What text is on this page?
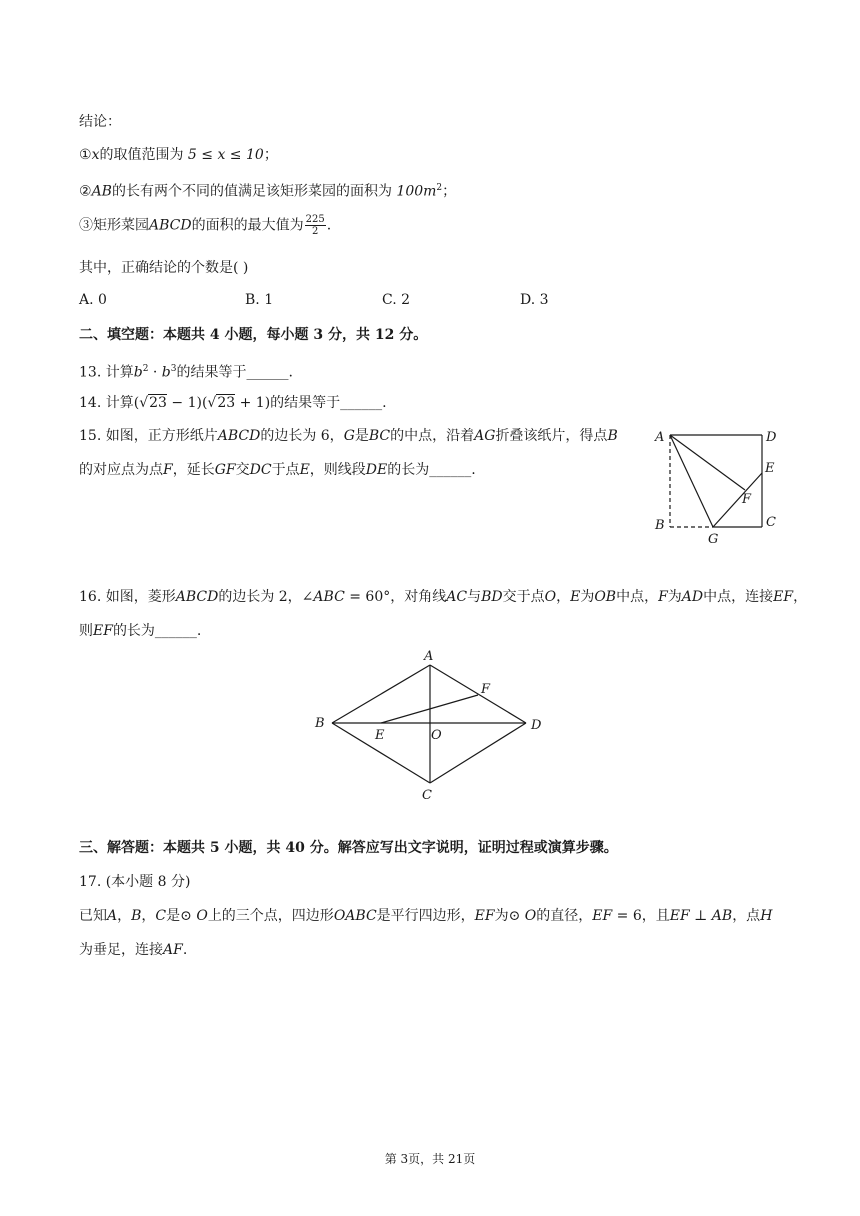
结论：
①x的取值范围为 5 ≤ x ≤ 10；
②AB的长有两个不同的值满足该矩形菜园的面积为 $100m^2$；
③矩形菜园ABCD的面积的最大值为 $\frac{225}{2}$ .
其中，正确结论的个数是( )
A. 0	B. 1	C. 2	D. 3
二、填空题：本题共 4 小题，每小题 3 分，共 12 分。
13. 计算$b^2 \cdot b^3$的结果等于______.
14. 计算(√23 − 1)(√23 + 1)的结果等于______.
15. 如图，正方形纸片ABCD的边长为 6，G是BC的中点，沿着AG折叠该纸片，得点B
的对应点为点F，延长GF交DC于点E，则线段DE的长为______.
A	D
E
F
B	C
G
16. 如图，菱形ABCD的边长为 2，∠ABC = 60°，对角线AC与BD交于点O，E为OB中点，F为AD中点，连接EF，
则EF的长为______.
A
B
C
D
E
F
O
三、解答题：本题共 5 小题，共 40 分。解答应写出文字说明，证明过程或演算步骤。
17. (本小题 8 分)
已知A，B，C是⊙ O上的三个点，四边形OABC是平行四边形，EF为⊙ O的直径，EF = 6，且EF ⊥ AB，点H
为垂足，连接AF.
第 3页，共 21页
